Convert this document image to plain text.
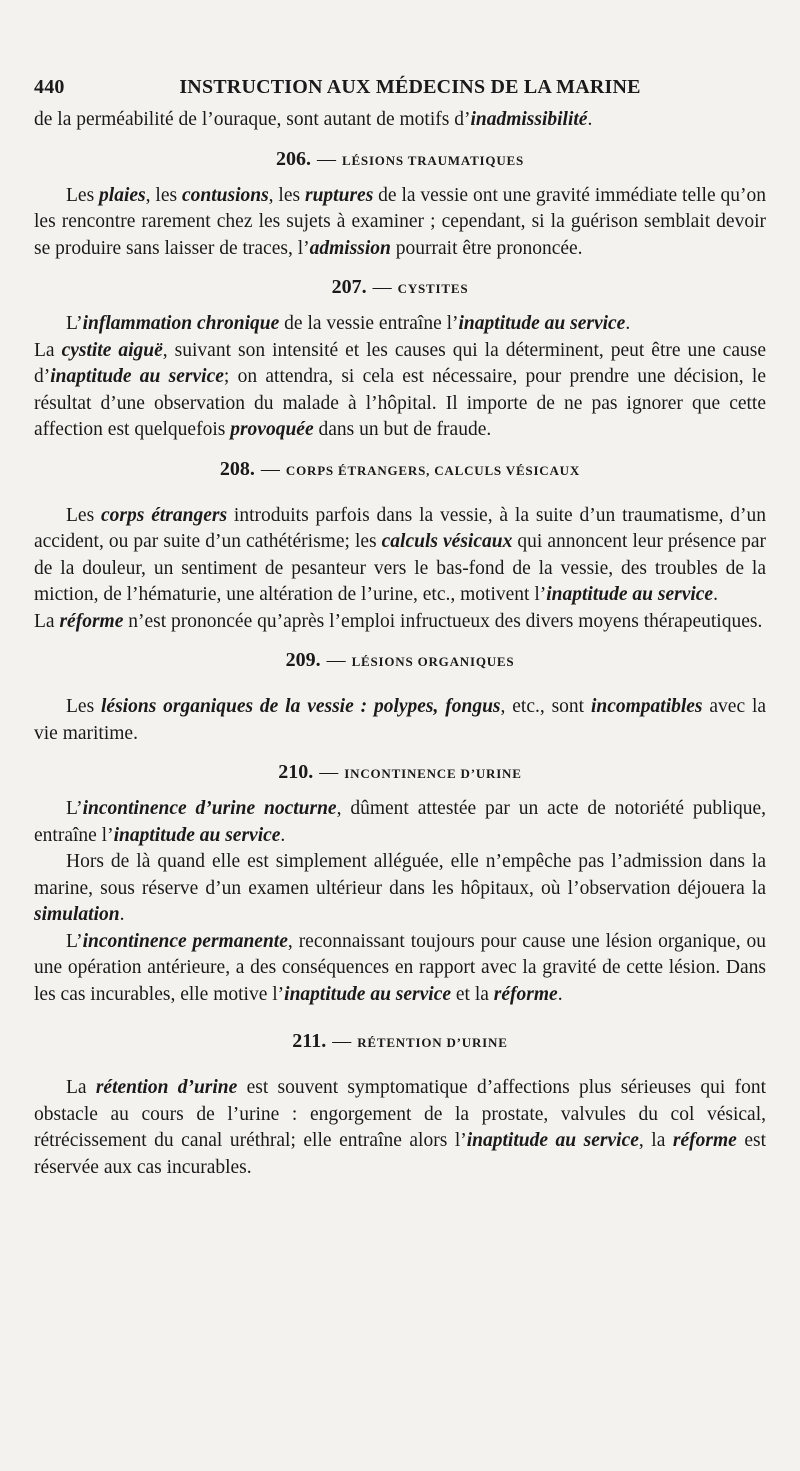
440	INSTRUCTION AUX MÉDECINS DE LA MARINE

de la perméabilité de l’ouraque, sont autant de motifs d’inadmissibilité.

206. — LÉSIONS TRAUMATIQUES

Les plaies, les contusions, les ruptures de la vessie ont une gravité immédiate telle qu’on les rencontre rarement chez les sujets à examiner ; cependant, si la guérison semblait devoir se produire sans laisser de traces, l’admission pourrait être prononcée.

207. — CYSTITES

L’inflammation chronique de la vessie entraîne l’inaptitude au service.

La cystite aiguë, suivant son intensité et les causes qui la déterminent, peut être une cause d’inaptitude au service; on attendra, si cela est nécessaire, pour prendre une décision, le résultat d’une observation du malade à l’hôpital. Il importe de ne pas ignorer que cette affection est quelquefois provoquée dans un but de fraude.

208. — CORPS ÉTRANGERS, CALCULS VÉSICAUX

Les corps étrangers introduits parfois dans la vessie, à la suite d’un traumatisme, d’un accident, ou par suite d’un cathétérisme; les calculs vésicaux qui annoncent leur présence par de la douleur, un sentiment de pesanteur vers le bas-fond de la vessie, des troubles de la miction, de l’hématurie, une altération de l’urine, etc., motivent l’inaptitude au service.

La réforme n’est prononcée qu’après l’emploi infructueux des divers moyens thérapeutiques.

209. — LÉSIONS ORGANIQUES

Les lésions organiques de la vessie : polypes, fongus, etc., sont incompatibles avec la vie maritime.

210. — INCONTINENCE D’URINE

L’incontinence d’urine nocturne, dûment attestée par un acte de notoriété publique, entraîne l’inaptitude au service.

Hors de là quand elle est simplement alléguée, elle n’empêche pas l’admission dans la marine, sous réserve d’un examen ultérieur dans les hôpitaux, où l’observation déjouera la simulation.

L’incontinence permanente, reconnaissant toujours pour cause une lésion organique, ou une opération antérieure, a des conséquences en rapport avec la gravité de cette lésion. Dans les cas incurables, elle motive l’inaptitude au service et la réforme.

211. — RÉTENTION D’URINE

La rétention d’urine est souvent symptomatique d’affections plus sérieuses qui font obstacle au cours de l’urine : engorgement de la prostate, valvules du col vésical, rétrécissement du canal uréthral; elle entraîne alors l’inaptitude au service, la réforme est réservée aux cas incurables.
